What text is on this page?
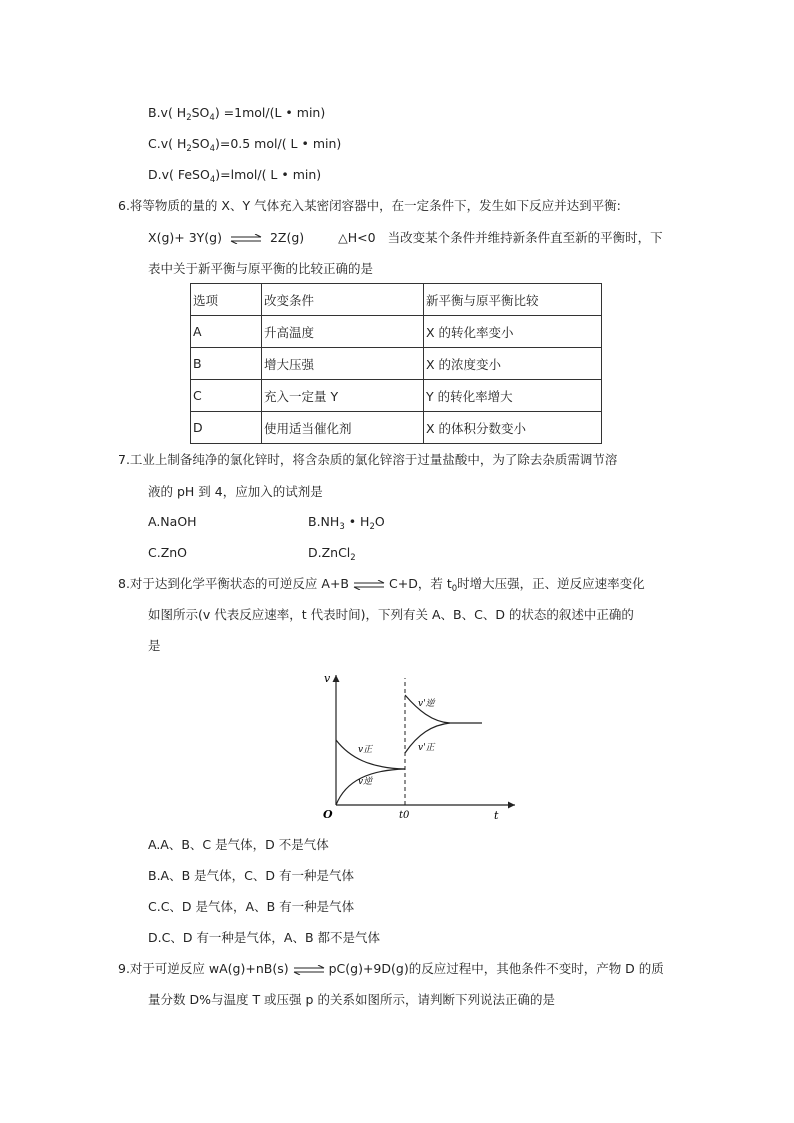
B.v( $H_2SO_4) =1mol/(L$ • min)
C.v( $H_2SO_4)=0.5$ mol/( L • min)
D.v( FeSO$_4$)=lmol/( L • min)
6.将等物质的量的 X、Y 气体充入某密闭容器中，在一定条件下，发生如下反应并达到平衡:
X(g)+ 3Y(g) ⇌ 2Z(g)	△H<0 当改变某个条件并维持新条件直至新的平衡时，下
表中关于新平衡与原平衡的比较正确的是
选项	改变条件	新平衡与原平衡比较
A	升高温度	X 的转化率变小
B	增大压强	X 的浓度变小
C	充入一定量 Y	Y 的转化率增大
D	使用适当催化剂	X 的体积分数变小
7.工业上制备纯净的氯化锌时，将含杂质的氯化锌溶于过量盐酸中，为了除去杂质需调节溶
液的 pH 到 4，应加入的试剂是
A.NaOH	$B.NH_3$ • $H_2O$
C.ZnO	D.ZnCl$_2$
8.对于达到化学平衡状态的可逆反应 A+B ⇌ C+D，若 $t_0$时增大压强，正、逆反应速率变化
如图所示(v 代表反应速率，t 代表时间)，下列有关 A、B、C、D 的状态的叙述中正确的
是
v
t
O	t0
v正
v逆
v'逆
v'正
A.A、B、C 是气体，D 不是气体
B.A、B 是气体，C、D 有一种是气体
C.C、D 是气体，A、B 有一种是气体
D.C、D 有一种是气体，A、B 都不是气体
9.对于可逆反应 wA(g)+nB(s) ⇌ pC(g)+9D(g)的反应过程中，其他条件不变时，产物 D 的质
量分数 D%与温度 T 或压强 p 的关系如图所示，请判断下列说法正确的是
